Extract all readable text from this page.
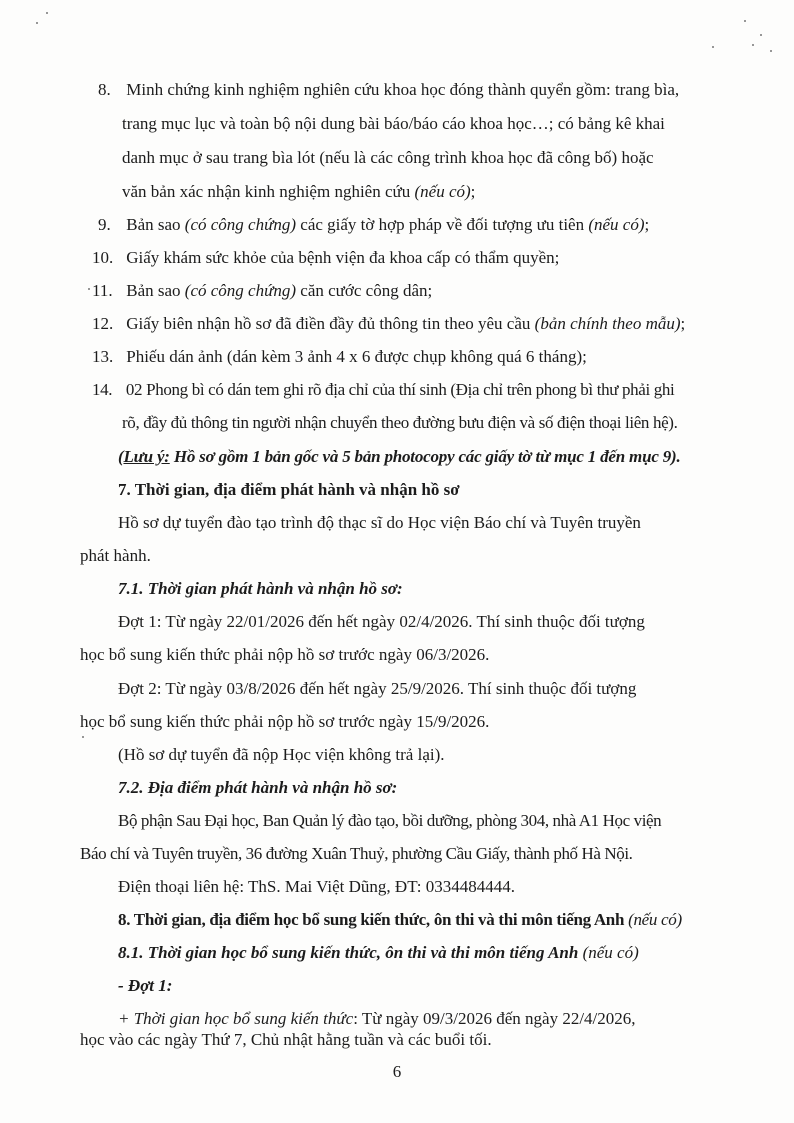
8. Minh chứng kinh nghiệm nghiên cứu khoa học đóng thành quyển gồm: trang bìa,
trang mục lục và toàn bộ nội dung bài báo/báo cáo khoa học…; có bảng kê khai
danh mục ở sau trang bìa lót (nếu là các công trình khoa học đã công bố) hoặc
văn bản xác nhận kinh nghiệm nghiên cứu (nếu có);
9. Bản sao (có công chứng) các giấy tờ hợp pháp về đối tượng ưu tiên (nếu có);
10. Giấy khám sức khỏe của bệnh viện đa khoa cấp có thẩm quyền;
11. Bản sao (có công chứng) căn cước công dân;
12. Giấy biên nhận hồ sơ đã điền đầy đủ thông tin theo yêu cầu (bản chính theo mẫu);
13. Phiếu dán ảnh (dán kèm 3 ảnh 4 x 6 được chụp không quá 6 tháng);
14. 02 Phong bì có dán tem ghi rõ địa chỉ của thí sinh (Địa chỉ trên phong bì thư phải ghi
rõ, đầy đủ thông tin người nhận chuyển theo đường bưu điện và số điện thoại liên hệ).
(Lưu ý: Hồ sơ gồm 1 bản gốc và 5 bản photocopy các giấy tờ từ mục 1 đến mục 9).
7. Thời gian, địa điểm phát hành và nhận hồ sơ
Hồ sơ dự tuyển đào tạo trình độ thạc sĩ do Học viện Báo chí và Tuyên truyền
phát hành.
7.1. Thời gian phát hành và nhận hồ sơ:
Đợt 1: Từ ngày 22/01/2026 đến hết ngày 02/4/2026. Thí sinh thuộc đối tượng
học bổ sung kiến thức phải nộp hồ sơ trước ngày 06/3/2026.
Đợt 2: Từ ngày 03/8/2026 đến hết ngày 25/9/2026. Thí sinh thuộc đối tượng
học bổ sung kiến thức phải nộp hồ sơ trước ngày 15/9/2026.
(Hồ sơ dự tuyển đã nộp Học viện không trả lại).
7.2. Địa điểm phát hành và nhận hồ sơ:
Bộ phận Sau Đại học, Ban Quản lý đào tạo, bồi dưỡng, phòng 304, nhà A1 Học viện
Báo chí và Tuyên truyền, 36 đường Xuân Thuỷ, phường Cầu Giấy, thành phố Hà Nội.
Điện thoại liên hệ: ThS. Mai Việt Dũng, ĐT: 0334484444.
8. Thời gian, địa điểm học bổ sung kiến thức, ôn thi và thi môn tiếng Anh (nếu có)
8.1. Thời gian học bổ sung kiến thức, ôn thi và thi môn tiếng Anh (nếu có)
- Đợt 1:
+ Thời gian học bổ sung kiến thức: Từ ngày 09/3/2026 đến ngày 22/4/2026,
học vào các ngày Thứ 7, Chủ nhật hằng tuần và các buổi tối.
6
